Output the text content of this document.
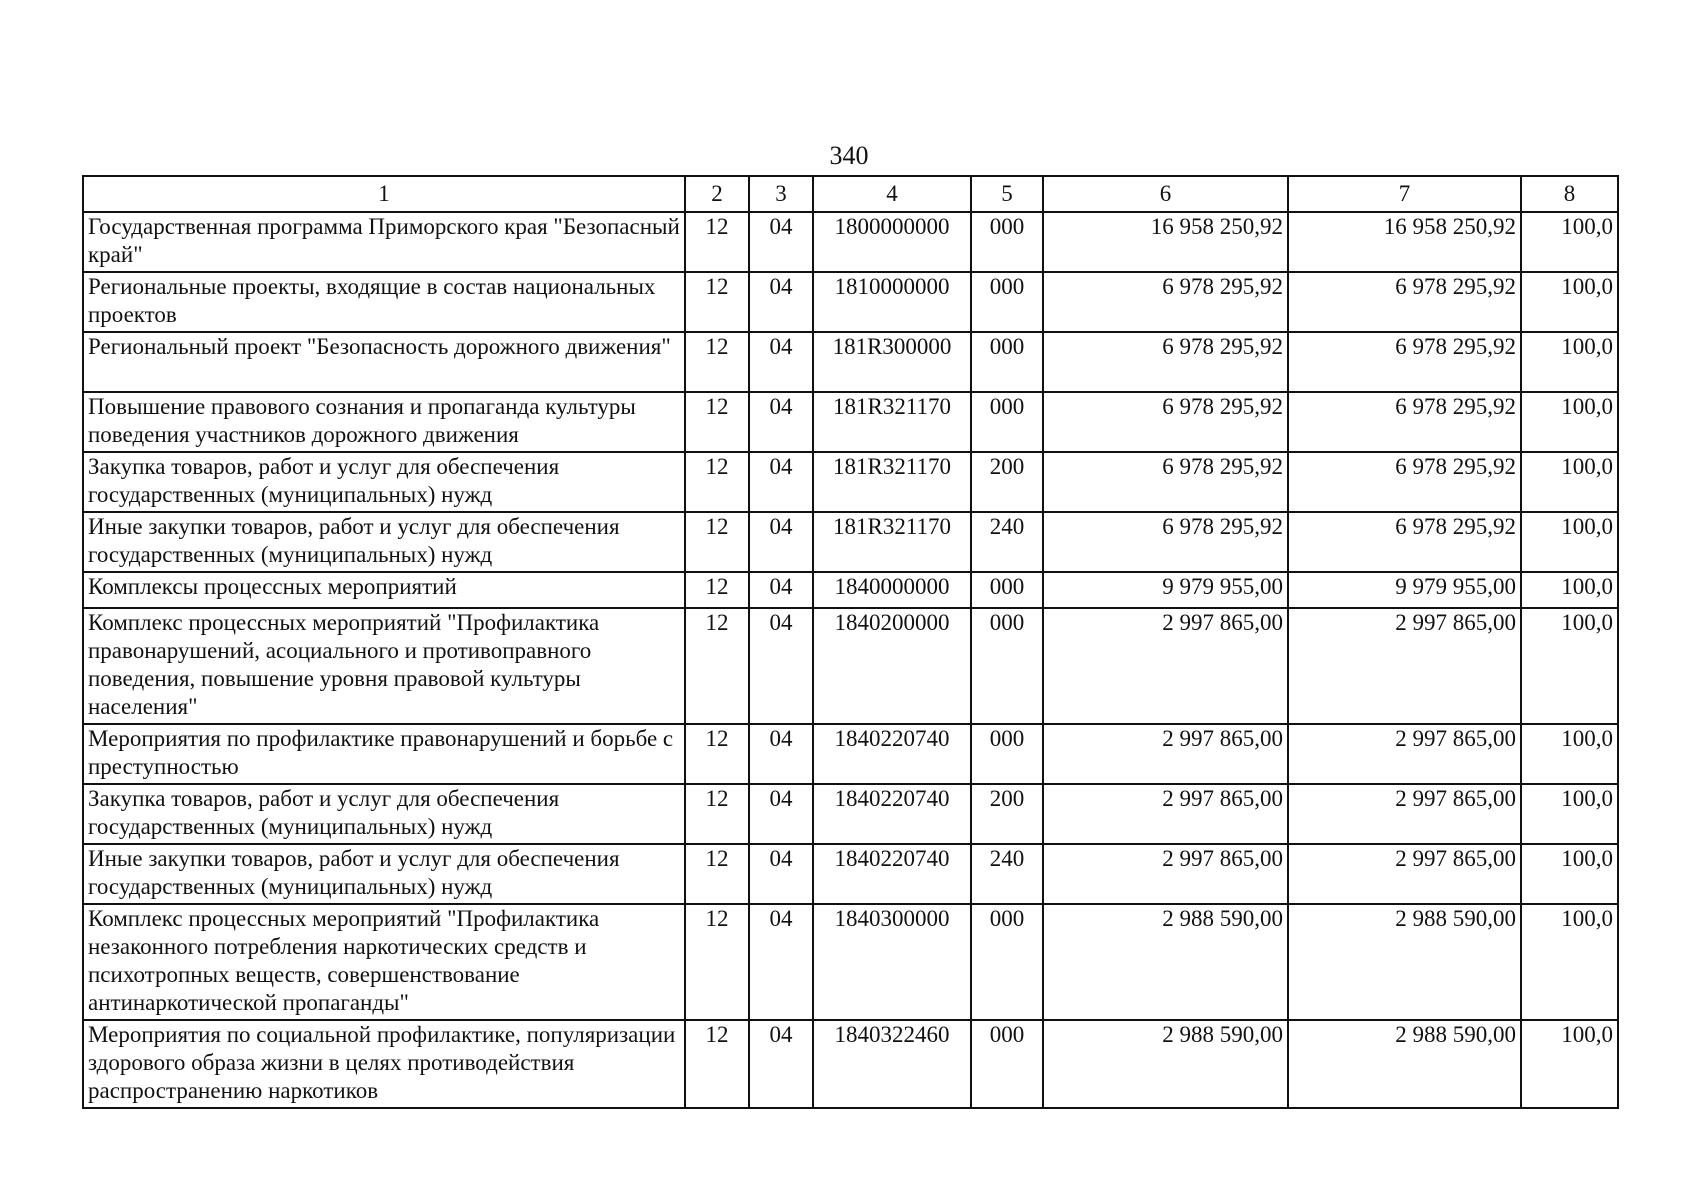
340
1	2	3	4	5	6	7	8
Государственная программа Приморского края "Безопасный край"	12	04	1800000000	000	16 958 250,92	16 958 250,92	100,0
Региональные проекты, входящие в состав национальных проектов	12	04	1810000000	000	6 978 295,92	6 978 295,92	100,0
Региональный проект "Безопасность дорожного движения"	12	04	181R300000	000	6 978 295,92	6 978 295,92	100,0
Повышение правового сознания и пропаганда культуры поведения участников дорожного движения	12	04	181R321170	000	6 978 295,92	6 978 295,92	100,0
Закупка товаров, работ и услуг для обеспечения государственных (муниципальных) нужд	12	04	181R321170	200	6 978 295,92	6 978 295,92	100,0
Иные закупки товаров, работ и услуг для обеспечения государственных (муниципальных) нужд	12	04	181R321170	240	6 978 295,92	6 978 295,92	100,0
Комплексы процессных мероприятий	12	04	1840000000	000	9 979 955,00	9 979 955,00	100,0
Комплекс процессных мероприятий "Профилактика правонарушений, асоциального и противоправного поведения, повышение уровня правовой культуры населения"	12	04	1840200000	000	2 997 865,00	2 997 865,00	100,0
Мероприятия по профилактике правонарушений и борьбе с преступностью	12	04	1840220740	000	2 997 865,00	2 997 865,00	100,0
Закупка товаров, работ и услуг для обеспечения государственных (муниципальных) нужд	12	04	1840220740	200	2 997 865,00	2 997 865,00	100,0
Иные закупки товаров, работ и услуг для обеспечения государственных (муниципальных) нужд	12	04	1840220740	240	2 997 865,00	2 997 865,00	100,0
Комплекс процессных мероприятий "Профилактика незаконного потребления наркотических средств и психотропных веществ, совершенствование антинаркотической пропаганды"	12	04	1840300000	000	2 988 590,00	2 988 590,00	100,0
Мероприятия по социальной профилактике, популяризации здорового образа жизни в целях противодействия распространению наркотиков	12	04	1840322460	000	2 988 590,00	2 988 590,00	100,0
